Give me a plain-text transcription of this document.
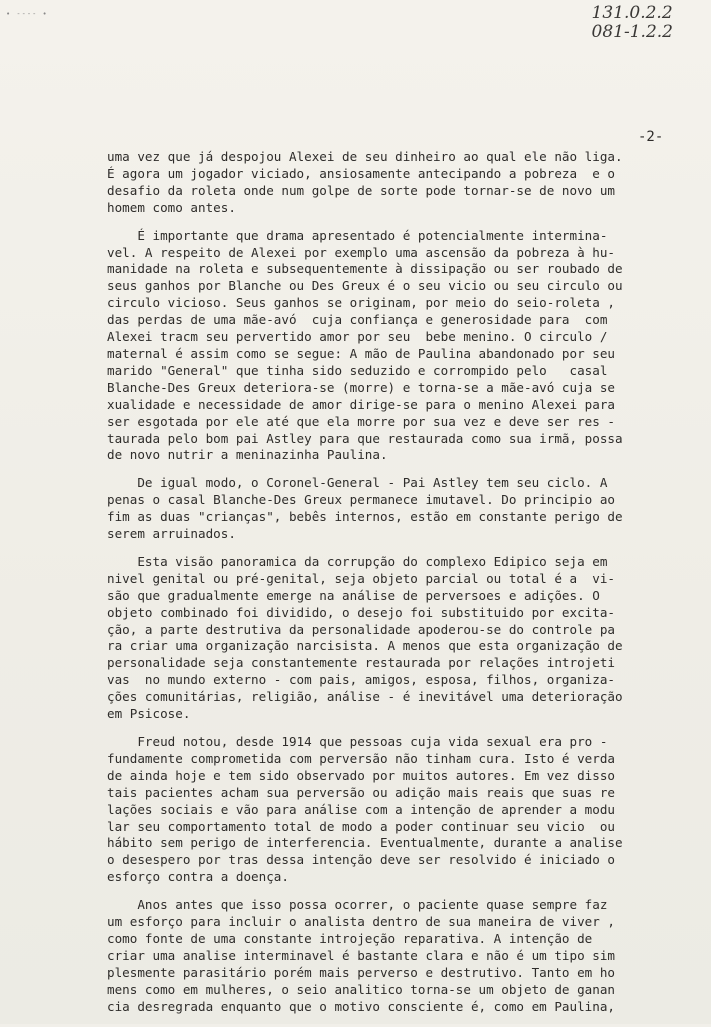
• ---- •	131.0.2.2
081-1.2.2
-2-
uma vez que já despojou Alexei de seu dinheiro ao qual ele não liga.
É agora um jogador viciado, ansiosamente antecipando a pobreza  e o
desafio da roleta onde num golpe de sorte pode tornar-se de novo um
homem como antes.
É importante que drama apresentado é potencialmente intermina-
vel. A respeito de Alexei por exemplo uma ascensão da pobreza à hu-
manidade na roleta e subsequentemente à dissipação ou ser roubado de
seus ganhos por Blanche ou Des Greux é o seu vicio ou seu circulo ou
circulo vicioso. Seus ganhos se originam, por meio do seio-roleta ,
das perdas de uma mãe-avó  cuja confiança e generosidade para  com
Alexei tracm seu pervertido amor por seu  bebe menino. O circulo /
maternal é assim como se segue: A mão de Paulina abandonado por seu
marido "General" que tinha sido seduzido e corrompido pelo   casal
Blanche-Des Greux deteriora-se (morre) e torna-se a mãe-avó cuja se
xualidade e necessidade de amor dirige-se para o menino Alexei para
ser esgotada por ele até que ela morre por sua vez e deve ser res -
taurada pelo bom pai Astley para que restaurada como sua irmã, possa
de novo nutrir a meninazinha Paulina.
De igual modo, o Coronel-General - Pai Astley tem seu ciclo. A
penas o casal Blanche-Des Greux permanece imutavel. Do principio ao
fim as duas "crianças", bebês internos, estão em constante perigo de
serem arruinados.
Esta visão panoramica da corrupção do complexo Edipico seja em
nivel genital ou pré-genital, seja objeto parcial ou total é a  vi-
são que gradualmente emerge na análise de perversoes e adições. O
objeto combinado foi dividido, o desejo foi substituido por excita-
ção, a parte destrutiva da personalidade apoderou-se do controle pa
ra criar uma organização narcisista. A menos que esta organização de
personalidade seja constantemente restaurada por relações introjeti
vas  no mundo externo - com pais, amigos, esposa, filhos, organiza-
ções comunitárias, religião, análise - é inevitável uma deterioração
em Psicose.
Freud notou, desde 1914 que pessoas cuja vida sexual era pro -
fundamente comprometida com perversão não tinham cura. Isto é verda
de ainda hoje e tem sido observado por muitos autores. Em vez disso
tais pacientes acham sua perversão ou adição mais reais que suas re
lações sociais e vão para análise com a intenção de aprender a modu
lar seu comportamento total de modo a poder continuar seu vicio  ou
hábito sem perigo de interferencia. Eventualmente, durante a analise
o desespero por tras dessa intenção deve ser resolvido é iniciado o
esforço contra a doença.
Anos antes que isso possa ocorrer, o paciente quase sempre faz
um esforço para incluir o analista dentro de sua maneira de viver ,
como fonte de uma constante introjeção reparativa. A intenção de
criar uma analise interminavel é bastante clara e não é um tipo sim
plesmente parasitário porém mais perverso e destrutivo. Tanto em ho
mens como em mulheres, o seio analitico torna-se um objeto de ganan
cia desregrada enquanto que o motivo consciente é, como em Paulina,
